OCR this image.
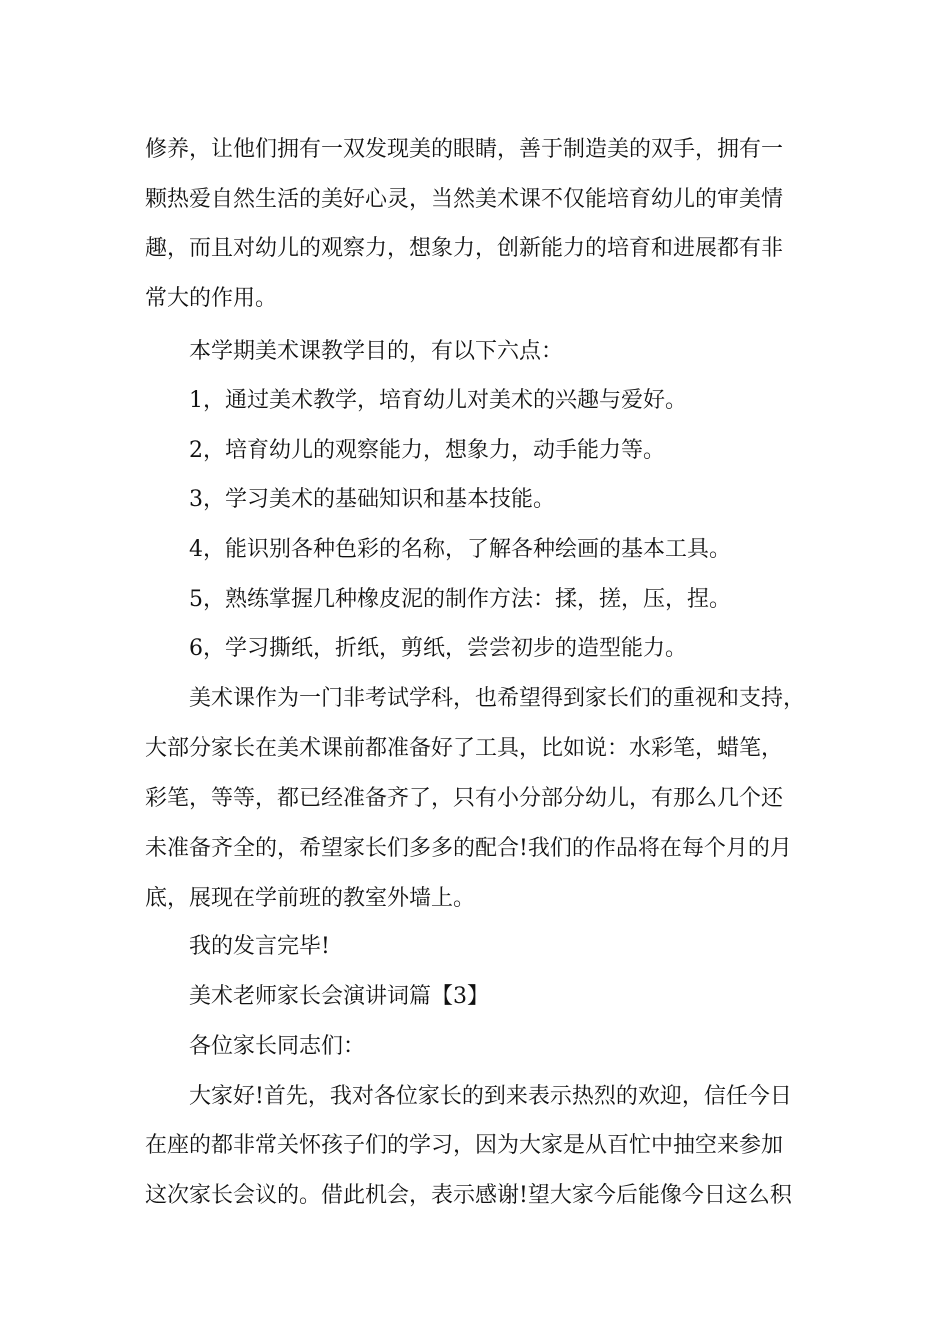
修养，让他们拥有一双发现美的眼睛，善于制造美的双手，拥有一
颗热爱自然生活的美好心灵，当然美术课不仅能培育幼儿的审美情
趣，而且对幼儿的观察力，想象力，创新能力的培育和进展都有非
常大的作用。
本学期美术课教学目的，有以下六点：
1，通过美术教学，培育幼儿对美术的兴趣与爱好。
2，培育幼儿的观察能力，想象力，动手能力等。
3，学习美术的基础知识和基本技能。
4，能识别各种色彩的名称，了解各种绘画的基本工具。
5，熟练掌握几种橡皮泥的制作方法：揉，搓，压，捏。
6，学习撕纸，折纸，剪纸，尝尝初步的造型能力。
美术课作为一门非考试学科，也希望得到家长们的重视和支持，
大部分家长在美术课前都准备好了工具，比如说：水彩笔，蜡笔，
彩笔，等等，都已经准备齐了，只有小分部分幼儿，有那么几个还
未准备齐全的，希望家长们多多的配合!我们的作品将在每个月的月
底，展现在学前班的教室外墙上。
我的发言完毕!
美术老师家长会演讲词篇【3】
各位家长同志们：
大家好!首先，我对各位家长的到来表示热烈的欢迎，信任今日
在座的都非常关怀孩子们的学习，因为大家是从百忙中抽空来参加
这次家长会议的。借此机会，表示感谢!望大家今后能像今日这么积
